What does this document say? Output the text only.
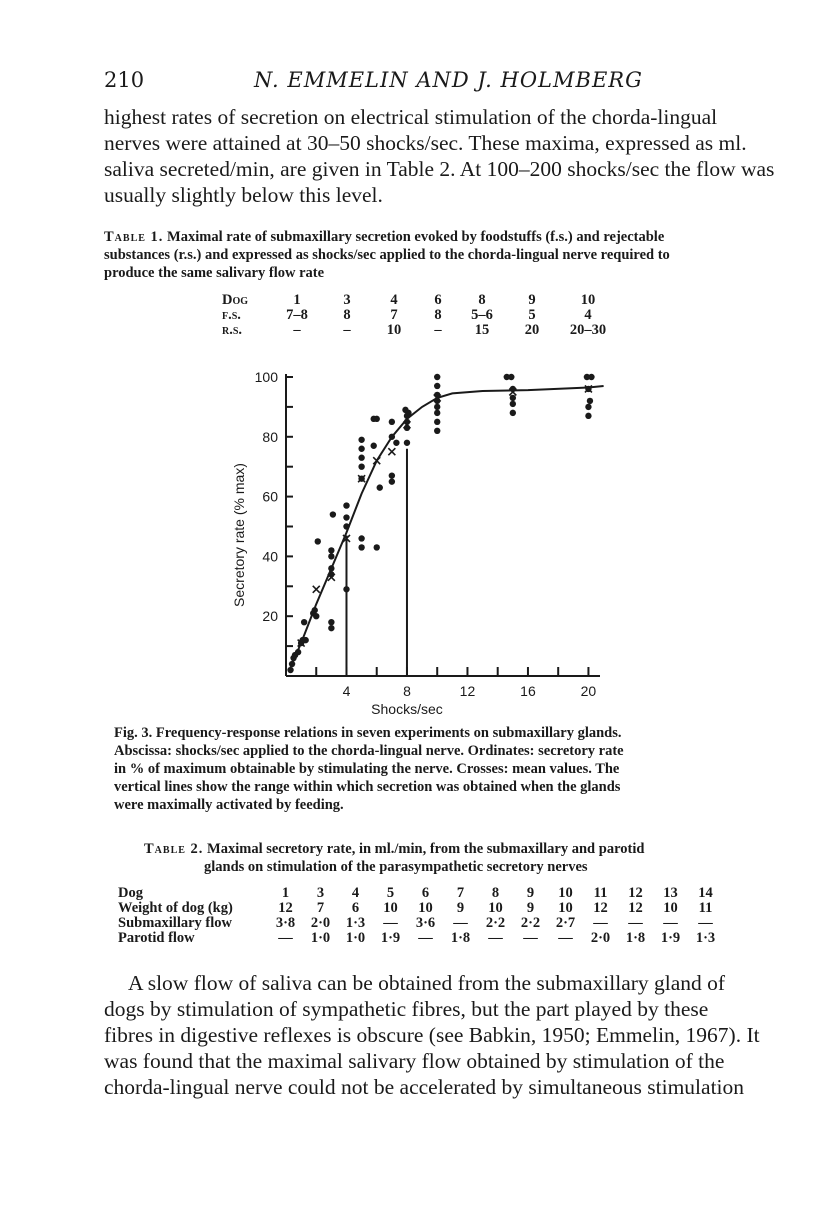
210	N. EMMELIN AND J. HOLMBERG
highest rates of secretion on electrical stimulation of the chorda-lingual
nerves were attained at 30–50 shocks/sec. These maxima, expressed as ml.
saliva secreted/min, are given in Table 2. At 100–200 shocks/sec the flow was
usually slightly below this level.
Table 1. Maximal rate of submaxillary secretion evoked by foodstuffs (f.s.) and rejectable
substances (r.s.) and expressed as shocks/sec applied to the chorda-lingual nerve required to
produce the same salivary flow rate
Dog	1	3	4	6	8	9	10
f.s.	7–8	8	7	8	5–6	5	4
r.s.	–	–	10	–	15	20	20–30
20
40
60
80
100
4	8	12	16	20
Shocks/sec
Secretory rate (% max)
Fig. 3. Frequency-response relations in seven experiments on submaxillary glands.
Abscissa: shocks/sec applied to the chorda-lingual nerve. Ordinates: secretory rate
in % of maximum obtainable by stimulating the nerve. Crosses: mean values. The
vertical lines show the range within which secretion was obtained when the glands
were maximally activated by feeding.
Table 2. Maximal secretory rate, in ml./min, from the submaxillary and parotid
glands on stimulation of the parasympathetic secretory nerves
Dog	1	3	4	5	6	7	8	9	10	11	12	13	14
Weight of dog (kg)	12	7	6	10	10	9	10	9	10	12	12	10	11
Submaxillary flow	3·8	2·0	1·3	—	3·6	—	2·2	2·2	2·7	—	—	—	—
Parotid flow	—	1·0	1·0	1·9	—	1·8	—	—	—	2·0	1·8	1·9	1·3
A slow flow of saliva can be obtained from the submaxillary gland of
dogs by stimulation of sympathetic fibres, but the part played by these
fibres in digestive reflexes is obscure (see Babkin, 1950; Emmelin, 1967). It
was found that the maximal salivary flow obtained by stimulation of the
chorda-lingual nerve could not be accelerated by simultaneous stimulation
